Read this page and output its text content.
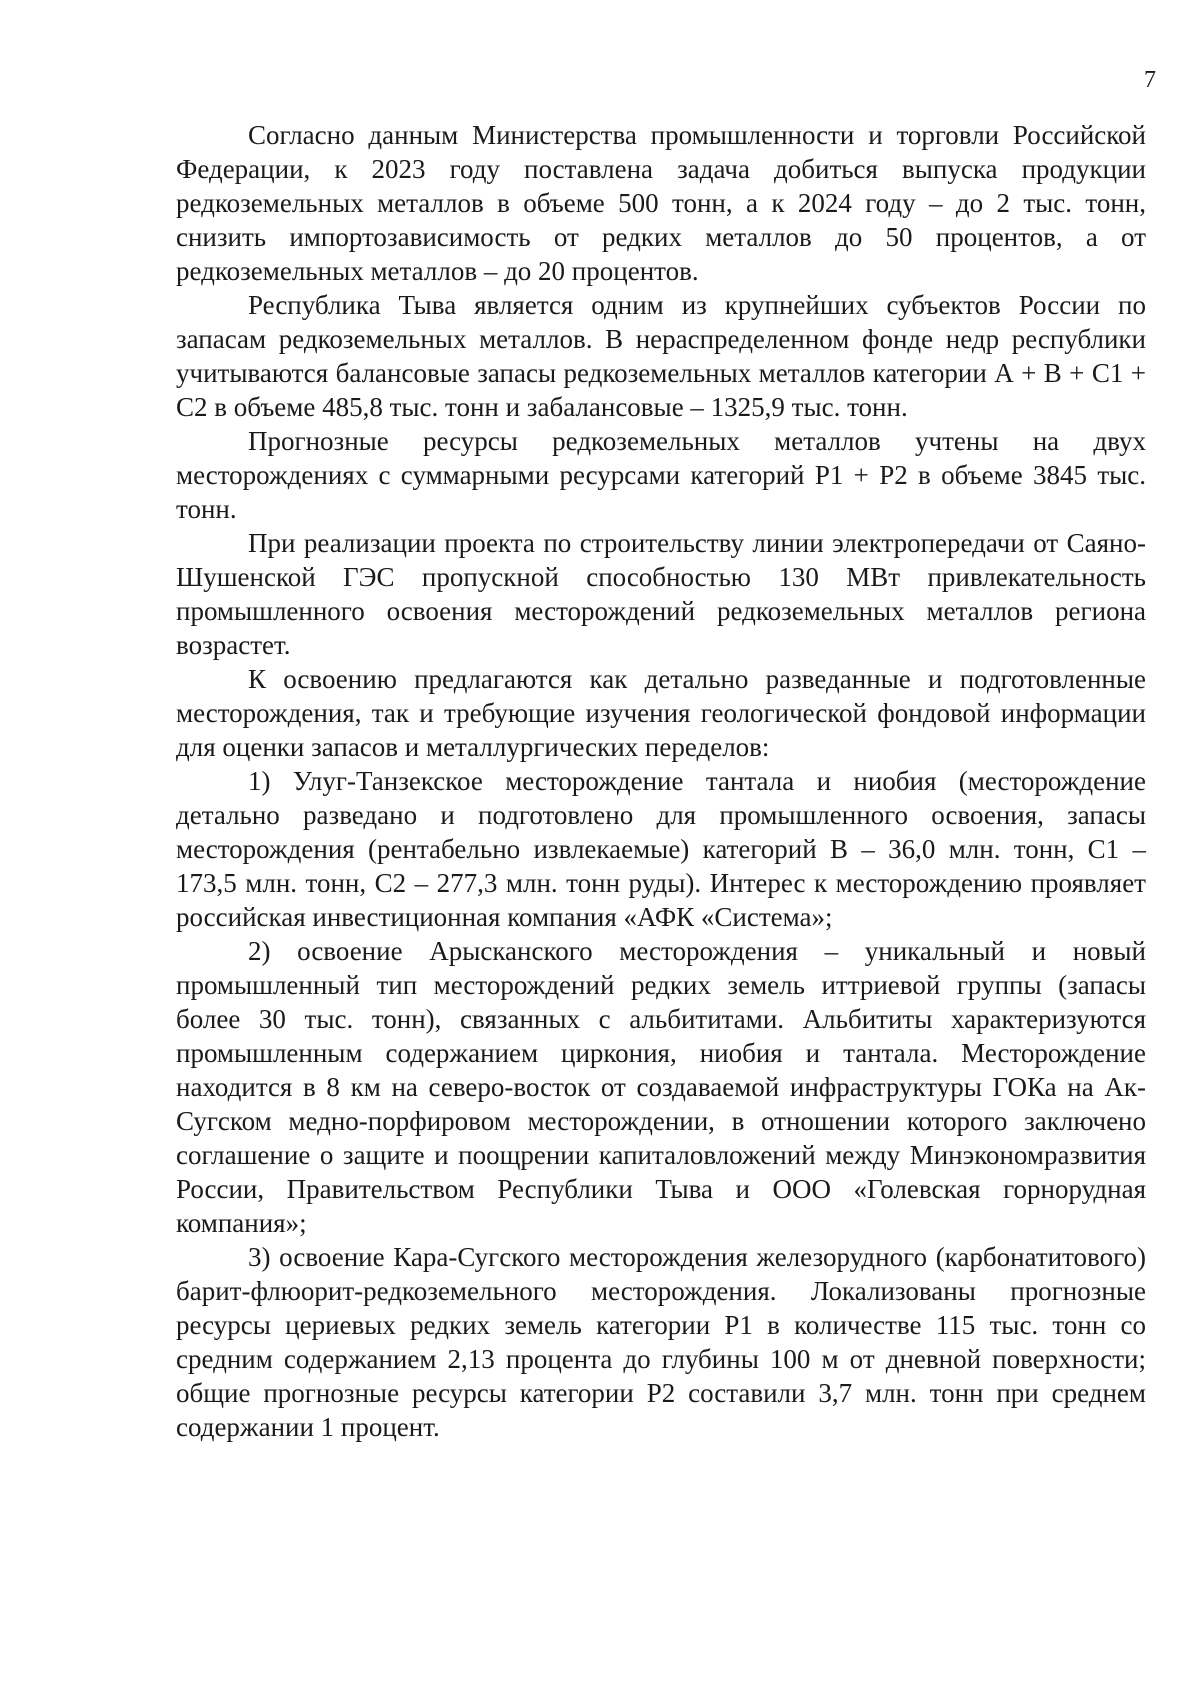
7

Согласно данным Министерства промышленности и торговли Российской Федерации, к 2023 году поставлена задача добиться выпуска продукции редкоземельных металлов в объеме 500 тонн, а к 2024 году – до 2 тыс. тонн, снизить импортозависимость от редких металлов до 50 процентов, а от редкоземельных металлов – до 20 процентов.

Республика Тыва является одним из крупнейших субъектов России по запасам редкоземельных металлов. В нераспределенном фонде недр республики учитываются балансовые запасы редкоземельных металлов категории А + В + С1 + С2 в объеме 485,8 тыс. тонн и забалансовые – 1325,9 тыс. тонн.

Прогнозные ресурсы редкоземельных металлов учтены на двух месторождениях с суммарными ресурсами категорий Р1 + Р2 в объеме 3845 тыс. тонн.

При реализации проекта по строительству линии электропередачи от Саяно-Шушенской ГЭС пропускной способностью 130 МВт привлекательность промышленного освоения месторождений редкоземельных металлов региона возрастет.

К освоению предлагаются как детально разведанные и подготовленные месторождения, так и требующие изучения геологической фондовой информации для оценки запасов и металлургических переделов:

1) Улуг-Танзекское месторождение тантала и ниобия (месторождение детально разведано и подготовлено для промышленного освоения, запасы месторождения (рентабельно извлекаемые) категорий В – 36,0 млн. тонн, С1 – 173,5 млн. тонн, С2 – 277,3 млн. тонн руды). Интерес к месторождению проявляет российская инвестиционная компания «АФК «Система»;

2) освоение Арысканского месторождения – уникальный и новый промышленный тип месторождений редких земель иттриевой группы (запасы более 30 тыс. тонн), связанных с альбититами. Альбититы характеризуются промышленным содержанием циркония, ниобия и тантала. Месторождение находится в 8 км на северо-восток от создаваемой инфраструктуры ГОКа на Ак-Сугском медно-порфировом месторождении, в отношении которого заключено соглашение о защите и поощрении капиталовложений между Минэкономразвития России, Правительством Республики Тыва и ООО «Голевская горнорудная компания»;

3) освоение Кара-Сугского месторождения железорудного (карбонатитового) барит-флюорит-редкоземельного месторождения. Локализованы прогнозные ресурсы цериевых редких земель категории Р1 в количестве 115 тыс. тонн со средним содержанием 2,13 процента до глубины 100 м от дневной поверхности; общие прогнозные ресурсы категории Р2 составили 3,7 млн. тонн при среднем содержании 1 процент.
